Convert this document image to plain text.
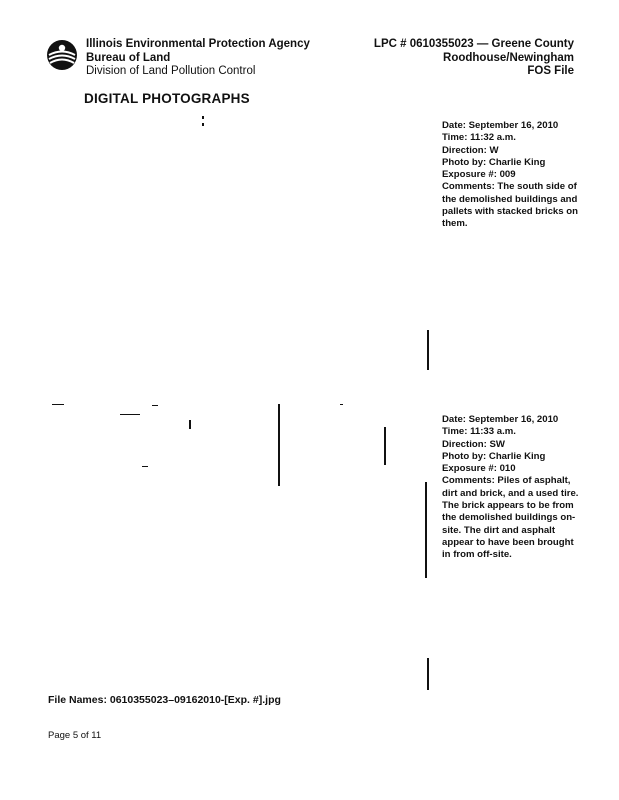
Illinois Environmental Protection Agency
Bureau of Land
Division of Land Pollution Control
LPC # 0610355023 — Greene County
Roodhouse/Newingham
FOS File
DIGITAL PHOTOGRAPHS
Date: September 16, 2010
Time: 11:32 a.m.
Direction: W
Photo by: Charlie King
Exposure #: 009
Comments: The south side of the demolished buildings and pallets with stacked bricks on them.
Date: September 16, 2010
Time: 11:33 a.m.
Direction: SW
Photo by: Charlie King
Exposure #: 010
Comments: Piles of asphalt, dirt and brick, and a used tire. The brick appears to be from the demolished buildings on-site. The dirt and asphalt appear to have been brought in from off-site.
File Names: 0610355023–09162010-[Exp. #].jpg
Page 5 of 11
